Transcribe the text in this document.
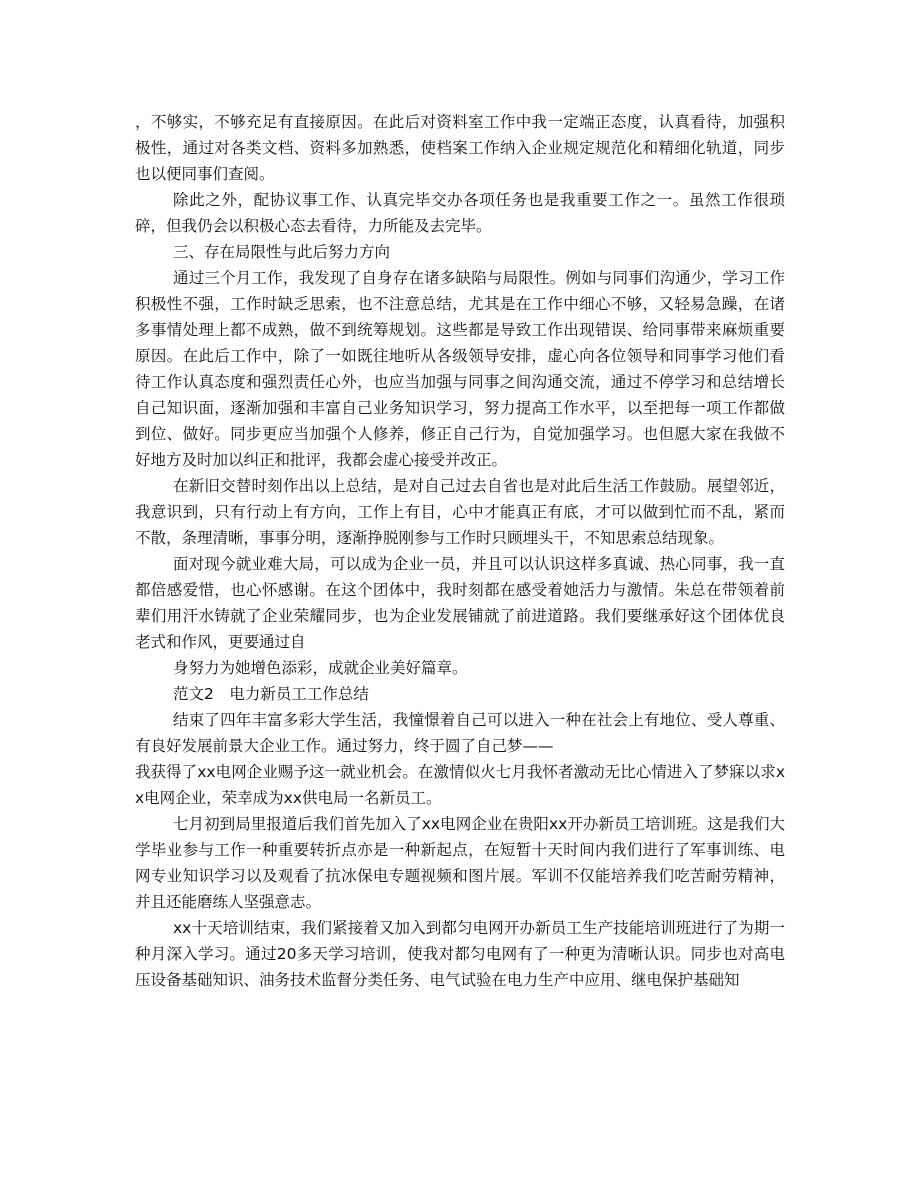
，不够实，不够充足有直接原因。在此后对资料室工作中我一定端正态度，认真看待，加强积极性，通过对各类文档、资料多加熟悉，使档案工作纳入企业规定规范化和精细化轨道，同步也以便同事们查阅。

除此之外，配协议事工作、认真完毕交办各项任务也是我重要工作之一。虽然工作很琐碎，但我仍会以积极心态去看待，力所能及去完毕。

三、存在局限性与此后努力方向

通过三个月工作，我发现了自身存在诸多缺陷与局限性。例如与同事们沟通少，学习工作积极性不强，工作时缺乏思索，也不注意总结，尤其是在工作中细心不够，又轻易急躁，在诸多事情处理上都不成熟，做不到统筹规划。这些都是导致工作出现错误、给同事带来麻烦重要原因。在此后工作中，除了一如既往地听从各级领导安排，虚心向各位领导和同事学习他们看待工作认真态度和强烈责任心外，也应当加强与同事之间沟通交流，通过不停学习和总结增长自己知识面，逐渐加强和丰富自己业务知识学习，努力提高工作水平，以至把每一项工作都做到位、做好。同步更应当加强个人修养，修正自己行为，自觉加强学习。也但愿大家在我做不好地方及时加以纠正和批评，我都会虚心接受并改正。

在新旧交替时刻作出以上总结，是对自己过去自省也是对此后生活工作鼓励。展望邻近，我意识到，只有行动上有方向，工作上有目，心中才能真正有底，才可以做到忙而不乱，紧而不散，条理清晰，事事分明，逐渐挣脱刚参与工作时只顾埋头干，不知思索总结现象。

面对现今就业难大局，可以成为企业一员，并且可以认识这样多真诚、热心同事，我一直都倍感爱惜，也心怀感谢。在这个团体中，我时刻都在感受着她活力与激情。朱总在带领着前辈们用汗水铸就了企业荣耀同步，也为企业发展铺就了前进道路。我们要继承好这个团体优良老式和作风，更要通过自

身努力为她增色添彩，成就企业美好篇章。

范文2　电力新员工工作总结

结束了四年丰富多彩大学生活，我憧憬着自己可以进入一种在社会上有地位、受人尊重、有良好发展前景大企业工作。通过努力，终于圆了自己梦——

我获得了xx电网企业赐予这一就业机会。在激情似火七月我怀者激动无比心情进入了梦寐以求xx电网企业，荣幸成为xx供电局一名新员工。

七月初到局里报道后我们首先加入了xx电网企业在贵阳xx开办新员工培训班。这是我们大学毕业参与工作一种重要转折点亦是一种新起点，在短暂十天时间内我们进行了军事训练、电网专业知识学习以及观看了抗冰保电专题视频和图片展。军训不仅能培养我们吃苦耐劳精神，并且还能磨练人坚强意志。

xx十天培训结束，我们紧接着又加入到都匀电网开办新员工生产技能培训班进行了为期一种月深入学习。通过20多天学习培训，使我对都匀电网有了一种更为清晰认识。同步也对高电压设备基础知识、油务技术监督分类任务、电气试验在电力生产中应用、继电保护基础知
